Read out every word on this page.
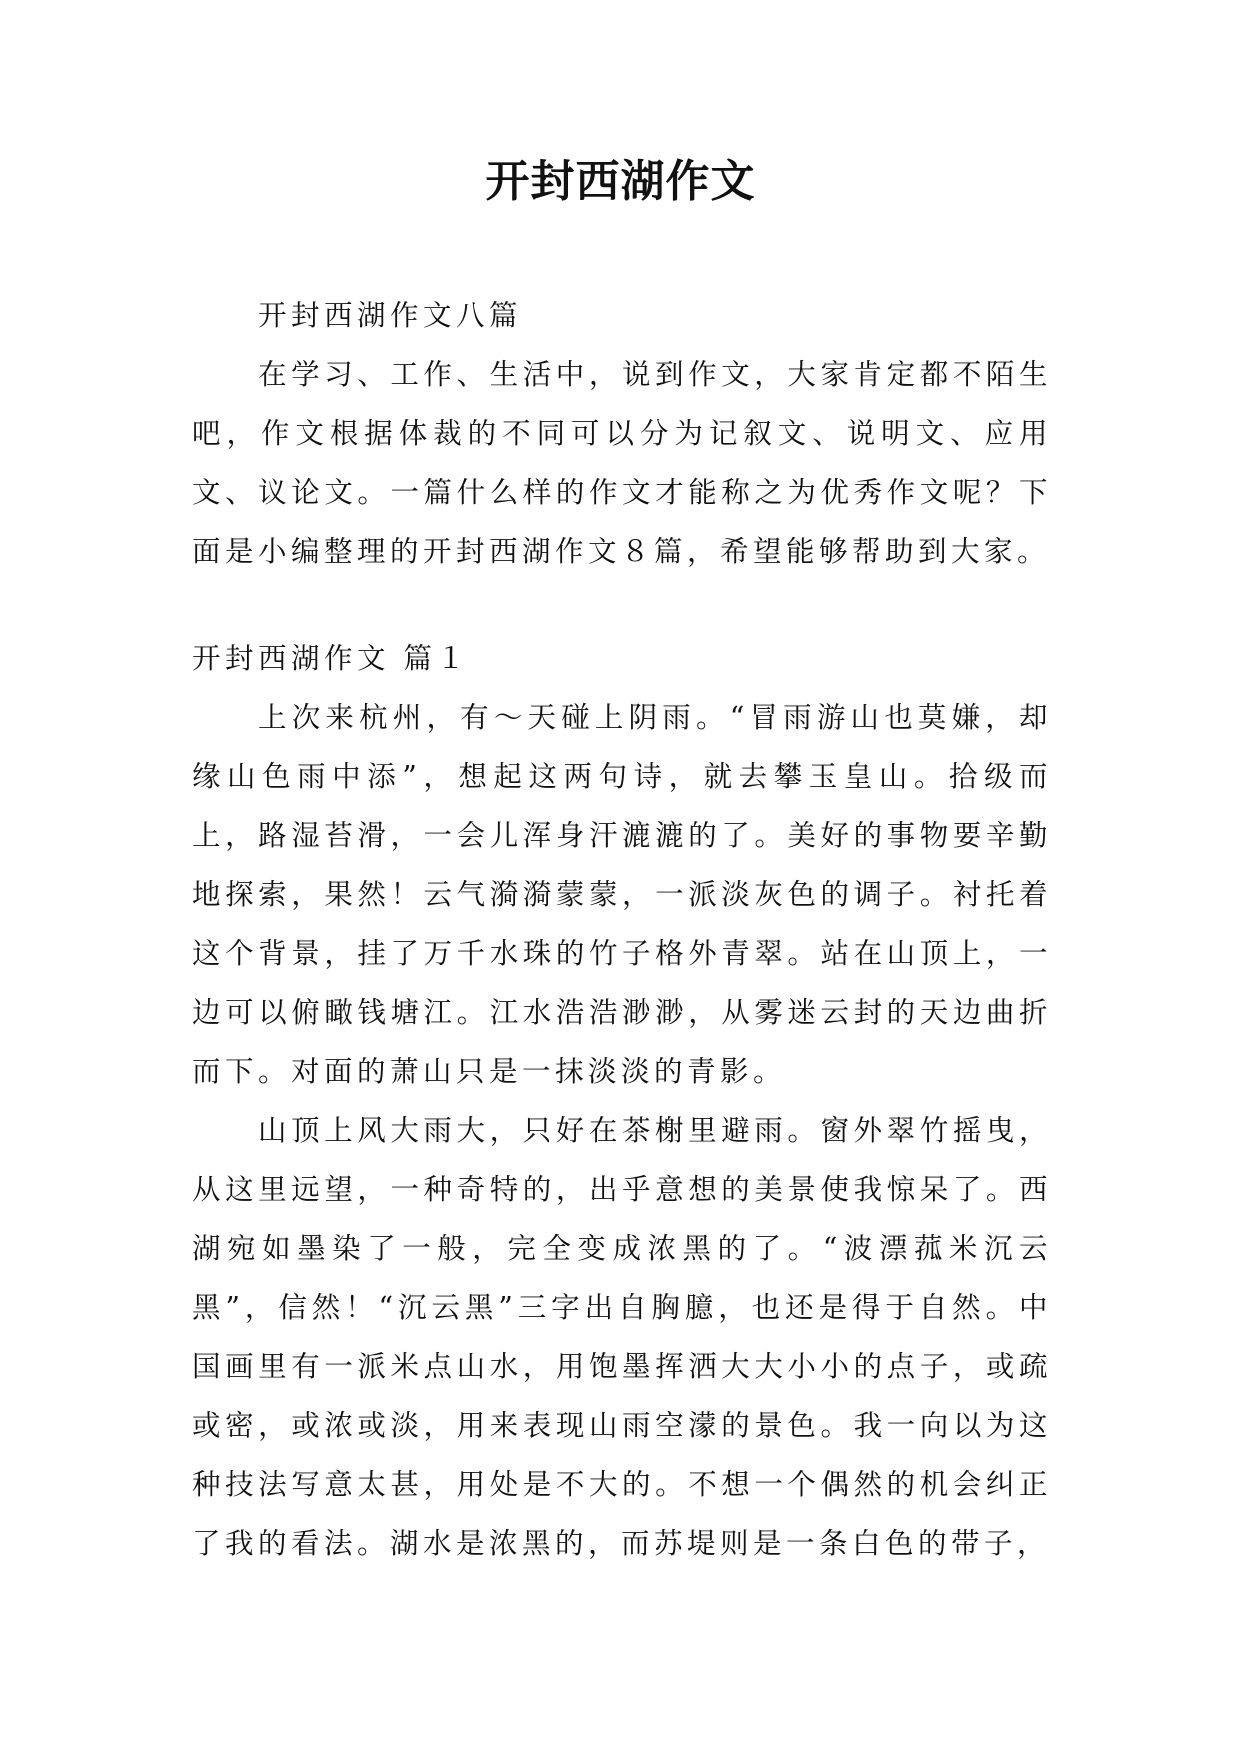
开封西湖作文

开封西湖作文八篇

在学习、工作、生活中，说到作文，大家肯定都不陌生吧，作文根据体裁的不同可以分为记叙文、说明文、应用文、议论文。一篇什么样的作文才能称之为优秀作文呢？下面是小编整理的开封西湖作文８篇，希望能够帮助到大家。

开封西湖作文 篇１

上次来杭州，有～天碰上阴雨。“冒雨游山也莫嫌，却缘山色雨中添”，想起这两句诗，就去攀玉皇山。拾级而上，路湿苔滑，一会儿浑身汗漉漉的了。美好的事物要辛勤地探索，果然！云气漪漪蒙蒙，一派淡灰色的调子。衬托着这个背景，挂了万千水珠的竹子格外青翠。站在山顶上，一边可以俯瞰钱塘江。江水浩浩渺渺，从雾迷云封的天边曲折而下。对面的萧山只是一抹淡淡的青影。

山顶上风大雨大，只好在茶榭里避雨。窗外翠竹摇曳，从这里远望，一种奇特的，出乎意想的美景使我惊呆了。西湖宛如墨染了一般，完全变成浓黑的了。“波漂菰米沉云黑”，信然！“沉云黑”三字出自胸臆，也还是得于自然。中国画里有一派米点山水，用饱墨挥洒大大小小的点子，或疏或密，或浓或淡，用来表现山雨空濛的景色。我一向以为这种技法写意太甚，用处是不大的。不想一个偶然的机会纠正了我的看法。湖水是浓黑的，而苏堤则是一条白色的带子，
